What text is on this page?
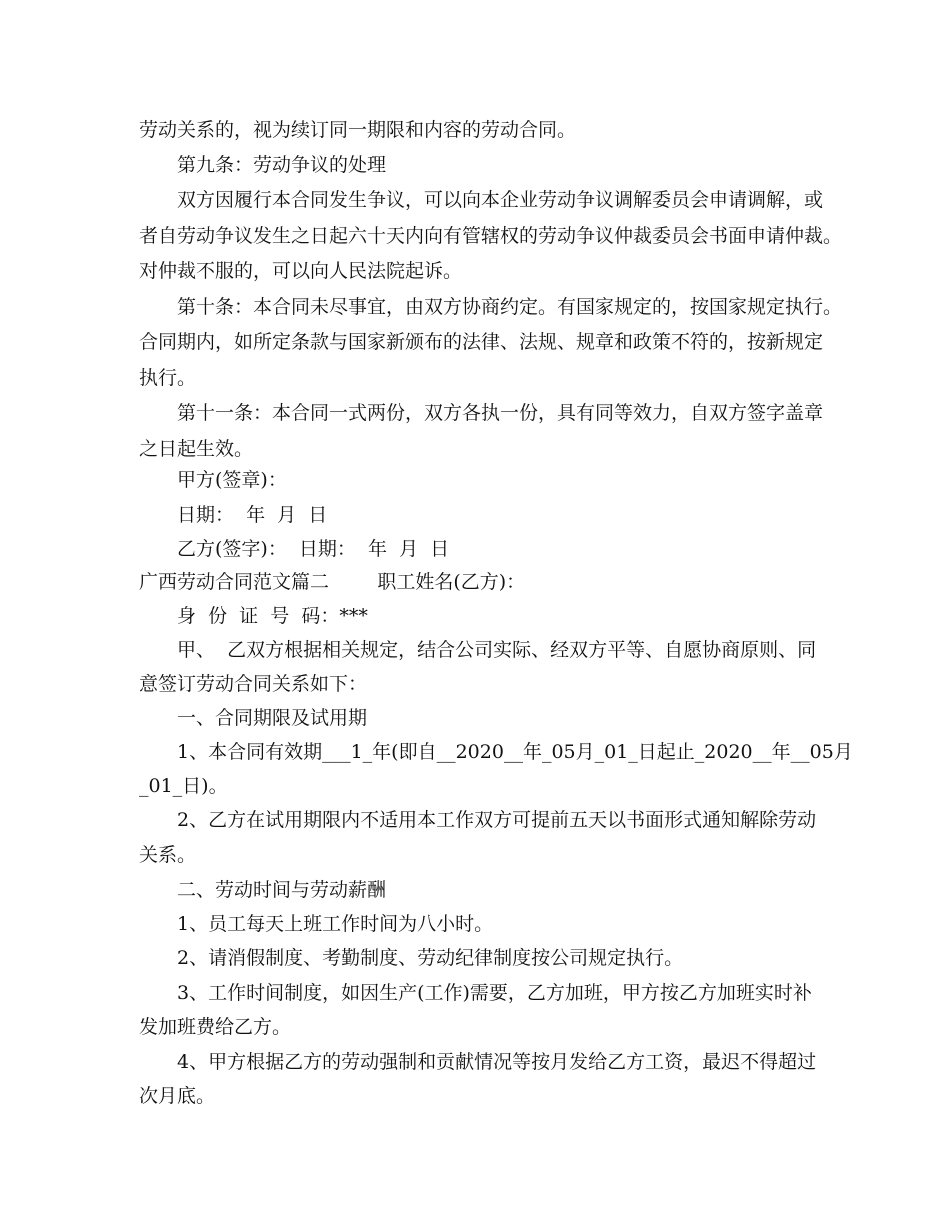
劳动关系的，视为续订同一期限和内容的劳动合同。
第九条：劳动争议的处理
双方因履行本合同发生争议，可以向本企业劳动争议调解委员会申请调解，或
者自劳动争议发生之日起六十天内向有管辖权的劳动争议仲裁委员会书面申请仲裁。
对仲裁不服的，可以向人民法院起诉。
第十条：本合同未尽事宜，由双方协商约定。有国家规定的，按国家规定执行。
合同期内，如所定条款与国家新颁布的法律、法规、规章和政策不符的，按新规定
执行。
第十一条：本合同一式两份，双方各执一份，具有同等效力，自双方签字盖章
之日起生效。
甲方(签章)：
日期：  年  月  日
乙方(签字)：  日期：  年  月  日
广西劳动合同范文篇二        职工姓名(乙方)：
身  份  证  号  码：***
甲、  乙双方根据相关规定，结合公司实际、经双方平等、自愿协商原则、同
意签订劳动合同关系如下：
一、合同期限及试用期
1、本合同有效期___1_年(即自__2020__年_05月_01_日起止_2020__年__05月
_01_日)。
2、乙方在试用期限内不适用本工作双方可提前五天以书面形式通知解除劳动
关系。
二、劳动时间与劳动薪酬
1、员工每天上班工作时间为八小时。
2、请消假制度、考勤制度、劳动纪律制度按公司规定执行。
3、工作时间制度，如因生产(工作)需要，乙方加班，甲方按乙方加班实时补
发加班费给乙方。
4、甲方根据乙方的劳动强制和贡献情况等按月发给乙方工资，最迟不得超过
次月底。
